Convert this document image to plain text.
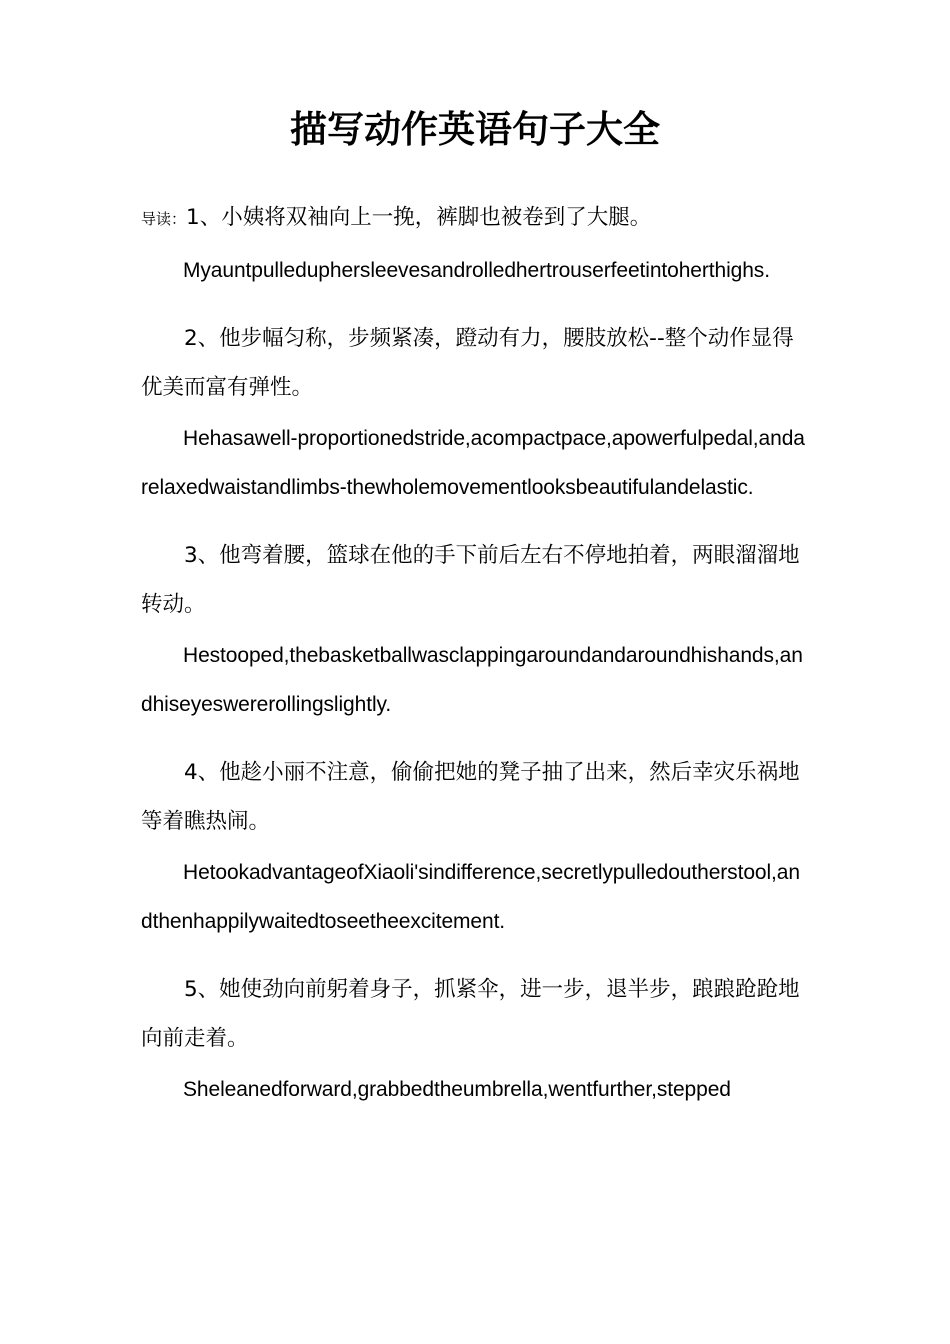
描写动作英语句子大全

导读：1、小姨将双袖向上一挽，裤脚也被卷到了大腿。

Myauntpulleduphersleevesandrolledhertrouserfeetintoherthighs.

2、他步幅匀称，步频紧凑，蹬动有力，腰肢放松--整个动作显得优美而富有弹性。

Hehasawell-proportionedstride,acompactpace,apowerfulpedal,andarelaxedwaistandlimbs-thewholemovementlooksbeautifulandelastic.

3、他弯着腰，篮球在他的手下前后左右不停地拍着，两眼溜溜地转动。

Hestooped,thebasketballwasclappingaroundandaroundhishands,andhiseyeswererollingslightly.

4、他趁小丽不注意，偷偷把她的凳子抽了出来，然后幸灾乐祸地等着瞧热闹。

HetookadvantageofXiaoli'sindifference,secretlypulledoutherstool,andthenhappilywaitedtoseetheexcitement.

5、她使劲向前躬着身子，抓紧伞，进一步，退半步，踉踉跄跄地向前走着。

Sheleanedforward,grabbedtheumbrella,wentfurther,stepped
